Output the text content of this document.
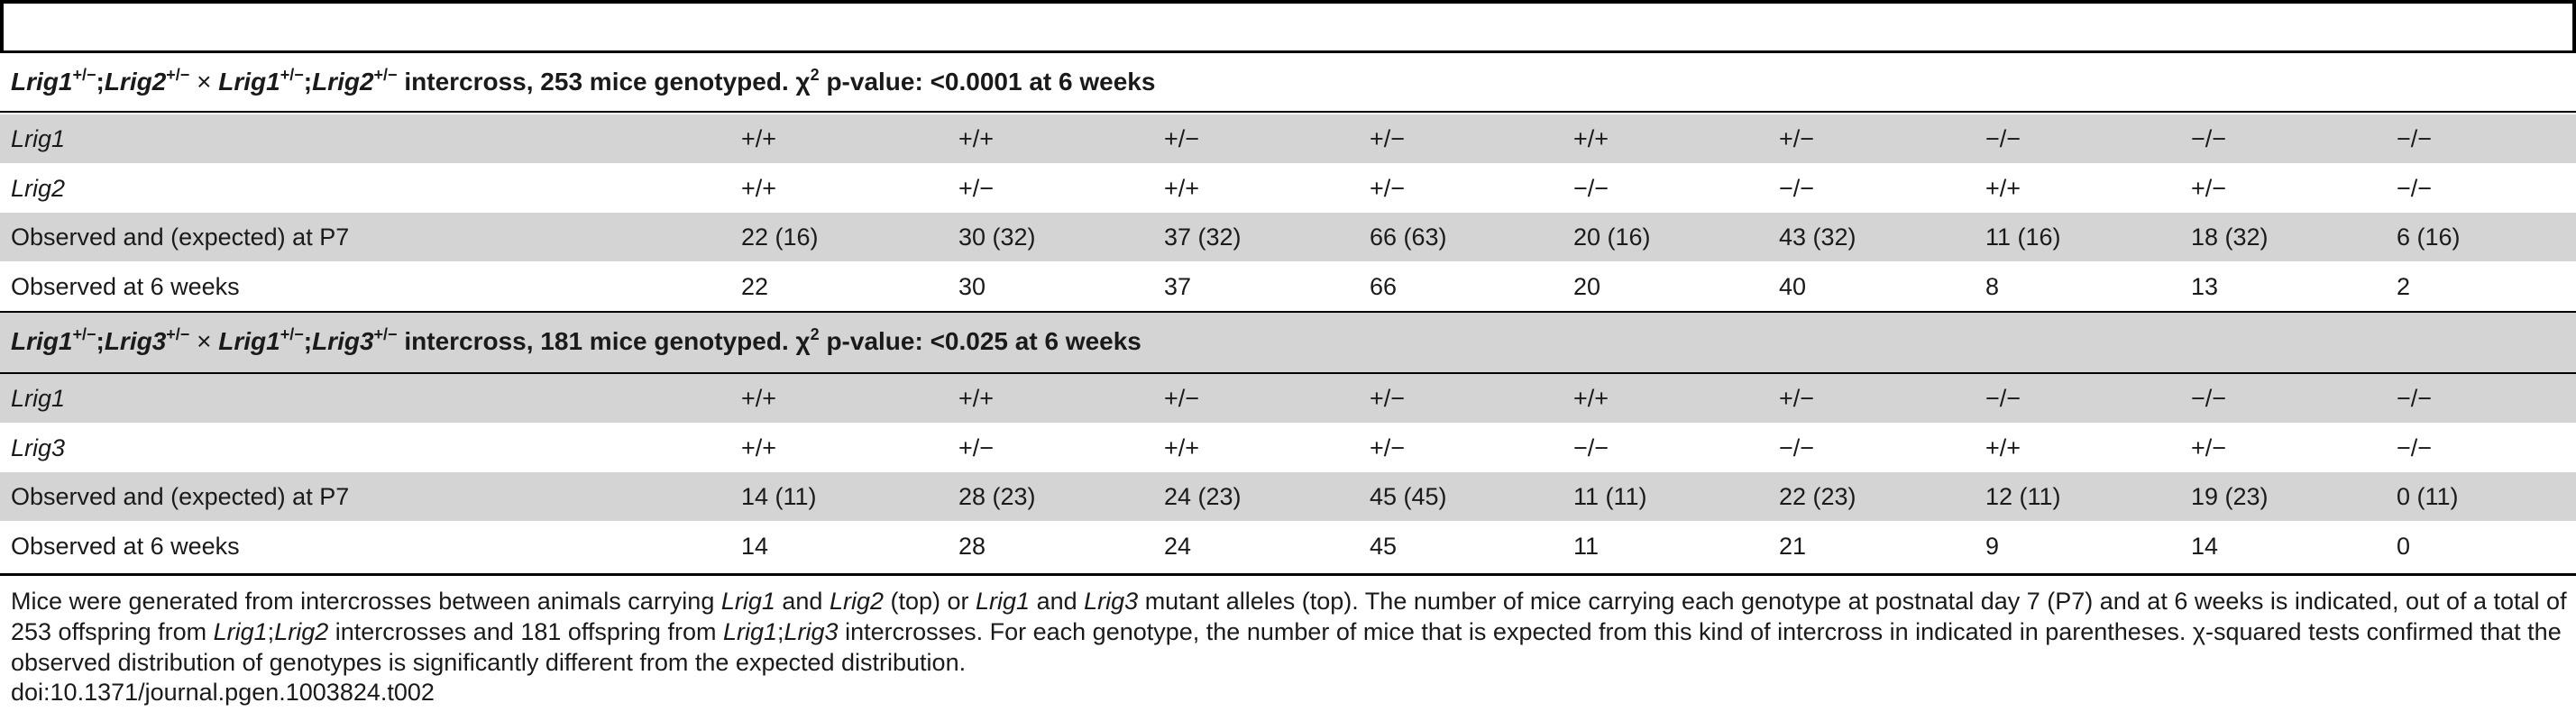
Lrig1+/−;Lrig2+/− × Lrig1+/−;Lrig2+/− intercross, 253 mice genotyped. $\chi^2$ p-value: <0.0001 at 6 weeks
Lrig1	+/+	+/+	+/−	+/−	+/+	+/−	−/−	−/−	−/−
Lrig2	+/+	+/−	+/+	+/−	−/−	−/−	+/+	+/−	−/−
Observed and (expected) at P7	22 (16)	30 (32)	37 (32)	66 (63)	20 (16)	43 (32)	11 (16)	18 (32)	6 (16)
Observed at 6 weeks	22	30	37	66	20	40	8	13	2
Lrig1+/−;Lrig3+/− × Lrig1+/−;Lrig3+/− intercross, 181 mice genotyped. $\chi^2$ p-value: <0.025 at 6 weeks
Lrig1	+/+	+/+	+/−	+/−	+/+	+/−	−/−	−/−	−/−
Lrig3	+/+	+/−	+/+	+/−	−/−	−/−	+/+	+/−	−/−
Observed and (expected) at P7	14 (11)	28 (23)	24 (23)	45 (45)	11 (11)	22 (23)	12 (11)	19 (23)	0 (11)
Observed at 6 weeks	14	28	24	45	11	21	9	14	0
Mice were generated from intercrosses between animals carrying Lrig1 and Lrig2 (top) or Lrig1 and Lrig3 mutant alleles (top). The number of mice carrying each genotype at postnatal day 7 (P7) and at 6 weeks is indicated, out of a total of 253 offspring from Lrig1;Lrig2 intercrosses and 181 offspring from Lrig1;Lrig3 intercrosses. For each genotype, the number of mice that is expected from this kind of intercross in indicated in parentheses. χ-squared tests confirmed that the observed distribution of genotypes is significantly different from the expected distribution.
doi:10.1371/journal.pgen.1003824.t002
